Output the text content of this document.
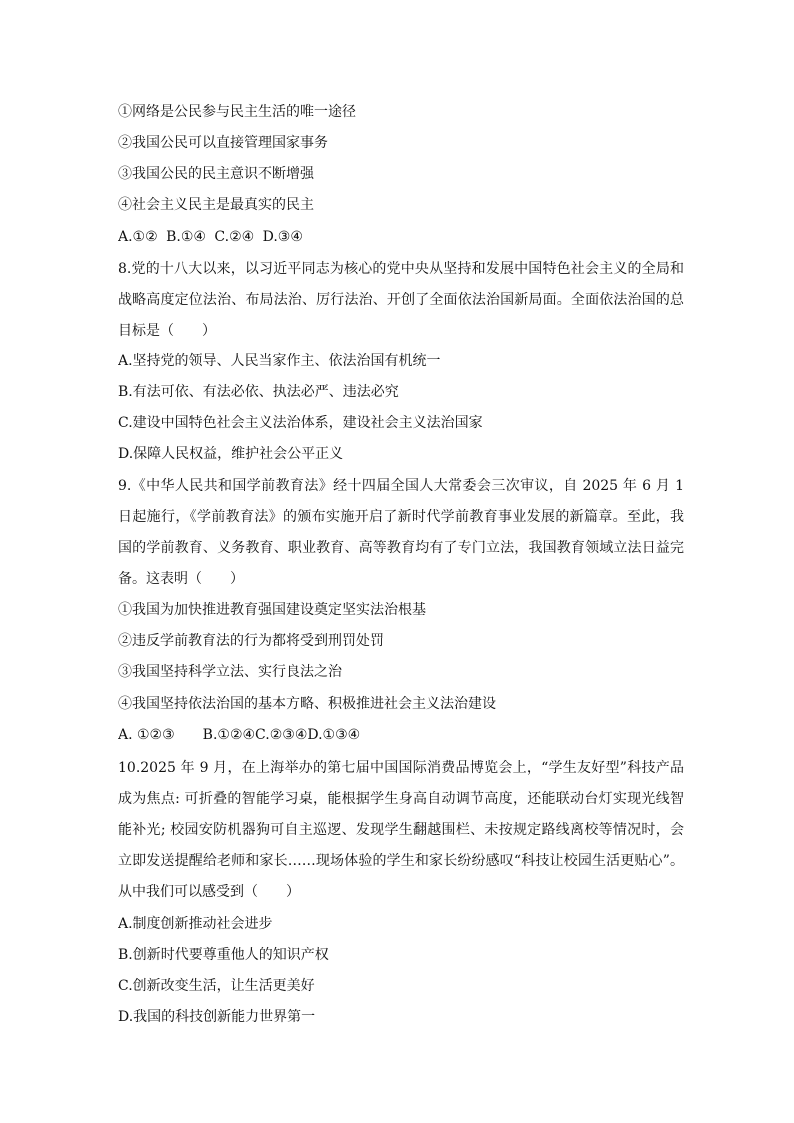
①网络是公民参与民主生活的唯一途径
②我国公民可以直接管理国家事务
③我国公民的民主意识不断增强
④社会主义民主是最真实的民主
A.①② B.①④ C.②④ D.③④
8.党的十八大以来，以习近平同志为核心的党中央从坚持和发展中国特色社会主义的全局和战略高度定位法治、布局法治、厉行法治、开创了全面依法治国新局面。全面依法治国的总目标是（　　）
A.坚持党的领导、人民当家作主、依法治国有机统一
B.有法可依、有法必依、执法必严、违法必究
C.建设中国特色社会主义法治体系，建设社会主义法治国家
D.保障人民权益，维护社会公平正义
9.《中华人民共和国学前教育法》经十四届全国人大常委会三次审议，自 2025 年 6 月 1 日起施行，《学前教育法》的颁布实施开启了新时代学前教育事业发展的新篇章。至此，我国的学前教育、义务教育、职业教育、高等教育均有了专门立法，我国教育领域立法日益完备。这表明（　　）
①我国为加快推进教育强国建设奠定坚实法治根基
②违反学前教育法的行为都将受到刑罚处罚
③我国坚持科学立法、实行良法之治
④我国坚持依法治国的基本方略、积极推进社会主义法治建设
A. ①②③　　B.①②④C.②③④D.①③④
10.2025 年 9 月，在上海举办的第七届中国国际消费品博览会上，“学生友好型”科技产品成为焦点: 可折叠的智能学习桌，能根据学生身高自动调节高度，还能联动台灯实现光线智能补光; 校园安防机器狗可自主巡逻、发现学生翻越围栏、未按规定路线离校等情况时，会立即发送提醒给老师和家长……现场体验的学生和家长纷纷感叹“科技让校园生活更贴心”。从中我们可以感受到（　　）
A.制度创新推动社会进步
B.创新时代要尊重他人的知识产权
C.创新改变生活，让生活更美好
D.我国的科技创新能力世界第一
